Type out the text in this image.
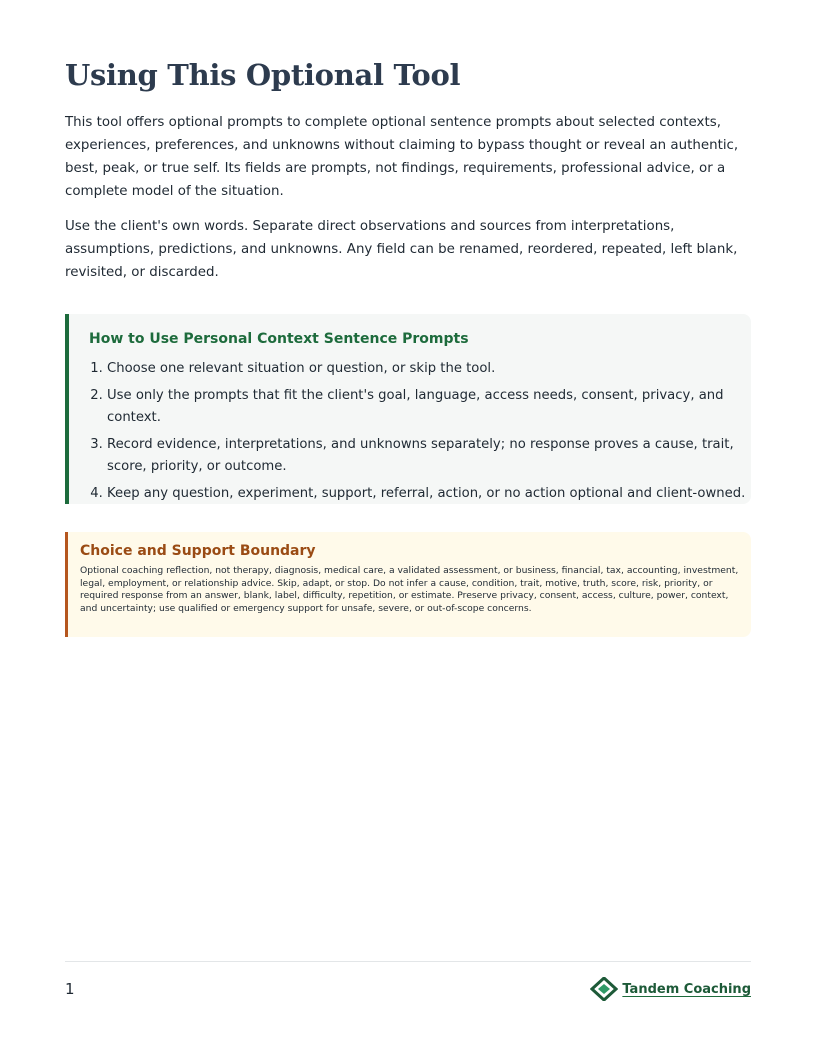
Using This Optional Tool

This tool offers optional prompts to complete optional sentence prompts about selected contexts, experiences, preferences, and unknowns without claiming to bypass thought or reveal an authentic, best, peak, or true self. Its fields are prompts, not findings, requirements, professional advice, or a complete model of the situation.

Use the client's own words. Separate direct observations and sources from interpretations, assumptions, predictions, and unknowns. Any field can be renamed, reordered, repeated, left blank, revisited, or discarded.

How to Use Personal Context Sentence Prompts
1. Choose one relevant situation or question, or skip the tool.
2. Use only the prompts that fit the client's goal, language, access needs, consent, privacy, and context.
3. Record evidence, interpretations, and unknowns separately; no response proves a cause, trait, score, priority, or outcome.
4. Keep any question, experiment, support, referral, action, or no action optional and client-owned.
Choice and Support Boundary

Optional coaching reflection, not therapy, diagnosis, medical care, a validated assessment, or business, financial, tax, accounting, investment, legal, employment, or relationship advice. Skip, adapt, or stop. Do not infer a cause, condition, trait, motive, truth, score, risk, priority, or required response from an answer, blank, label, difficulty, repetition, or estimate. Preserve privacy, consent, access, culture, power, context, and uncertainty; use qualified or emergency support for unsafe, severe, or out-of-scope concerns.

1	Tandem Coaching
